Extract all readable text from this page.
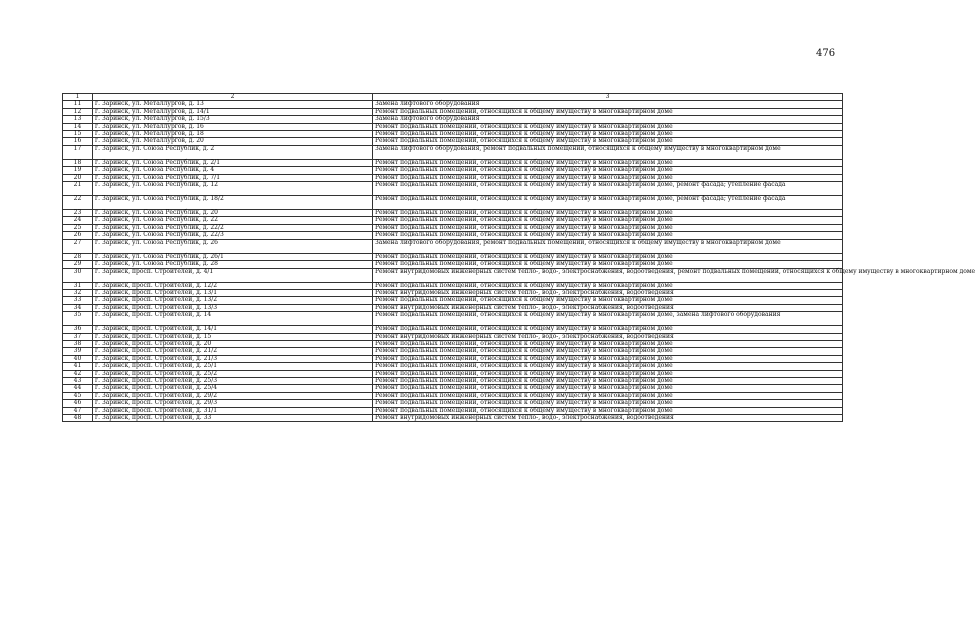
476
1	2	3
11	г. Заринск, ул. Металлургов, д. 13	Замена лифтового оборудования
12	г. Заринск, ул. Металлургов, д. 14/1	Ремонт подвальных помещений, относящихся к общему имуществу в многоквартирном доме
13	г. Заринск, ул. Металлургов, д. 15/3	Замена лифтового оборудования
14	г. Заринск, ул. Металлургов, д. 16	Ремонт подвальных помещений, относящихся к общему имуществу в многоквартирном доме
15	г. Заринск, ул. Металлургов, д. 18	Ремонт подвальных помещений, относящихся к общему имуществу в многоквартирном доме
16	г. Заринск, ул. Металлургов, д. 20	Ремонт подвальных помещений, относящихся к общему имуществу в многоквартирном доме
17	г. Заринск, ул. Союза Республик, д. 2	Замена лифтового оборудования, ремонт подвальных помещений, относящихся к общему имуществу в многоквартирном доме
18	г. Заринск, ул. Союза Республик, д. 2/1	Ремонт подвальных помещений, относящихся к общему имуществу в многоквартирном доме
19	г. Заринск, ул. Союза Республик, д. 4	Ремонт подвальных помещений, относящихся к общему имуществу в многоквартирном доме
20	г. Заринск, ул. Союза Республик, д. 7/1	Ремонт подвальных помещений, относящихся к общему имуществу в многоквартирном доме
21	г. Заринск, ул. Союза Республик, д. 12	Ремонт подвальных помещений, относящихся к общему имуществу в многоквартирном доме, ремонт фасада; утепление фасада
22	г. Заринск, ул. Союза Республик, д. 18/2	Ремонт подвальных помещений, относящихся к общему имуществу в многоквартирном доме, ремонт фасада; утепление фасада
23	г. Заринск, ул. Союза Республик, д. 20	Ремонт подвальных помещений, относящихся к общему имуществу в многоквартирном доме
24	г. Заринск, ул. Союза Республик, д. 22	Ремонт подвальных помещений, относящихся к общему имуществу в многоквартирном доме
25	г. Заринск, ул. Союза Республик, д. 22/2	Ремонт подвальных помещений, относящихся к общему имуществу в многоквартирном доме
26	г. Заринск, ул. Союза Республик, д. 22/3	Ремонт подвальных помещений, относящихся к общему имуществу в многоквартирном доме
27	г. Заринск, ул. Союза Республик, д. 26	Замена лифтового оборудования, ремонт подвальных помещений, относящихся к общему имуществу в многоквартирном доме
28	г. Заринск, ул. Союза Республик, д. 26/1	Ремонт подвальных помещений, относящихся к общему имуществу в многоквартирном доме
29	г. Заринск, ул. Союза Республик, д. 28	Ремонт подвальных помещений, относящихся к общему имуществу в многоквартирном доме
30	г. Заринск, просп. Строителей, д. 4/1	Ремонт внутридомовых инженерных систем тепло-, водо-, электроснабжения, водоотведения, ремонт подвальных помещений, относящихся к общему имуществу в многоквартирном доме
31	г. Заринск, просп. Строителей, д. 12/2	Ремонт подвальных помещений, относящихся к общему имуществу в многоквартирном доме
32	г. Заринск, просп. Строителей, д. 13/1	Ремонт внутридомовых инженерных систем тепло-, водо-, электроснабжения, водоотведения
33	г. Заринск, просп. Строителей, д. 13/2	Ремонт подвальных помещений, относящихся к общему имуществу в многоквартирном доме
34	г. Заринск, просп. Строителей, д. 13/3	Ремонт внутридомовых инженерных систем тепло-, водо-, электроснабжения, водоотведения
35	г. Заринск, просп. Строителей, д. 14	Ремонт подвальных помещений, относящихся к общему имуществу в многоквартирном доме, замена лифтового оборудования
36	г. Заринск, просп. Строителей, д. 14/1	Ремонт подвальных помещений, относящихся к общему имуществу в многоквартирном доме
37	г. Заринск, просп. Строителей, д. 15	Ремонт внутридомовых инженерных систем тепло-, водо-, электроснабжения, водоотведения
38	г. Заринск, просп. Строителей, д. 20	Ремонт подвальных помещений, относящихся к общему имуществу в многоквартирном доме
39	г. Заринск, просп. Строителей, д. 21/2	Ремонт подвальных помещений, относящихся к общему имуществу в многоквартирном доме
40	г. Заринск, просп. Строителей, д. 21/3	Ремонт подвальных помещений, относящихся к общему имуществу в многоквартирном доме
41	г. Заринск, просп. Строителей, д. 25/1	Ремонт подвальных помещений, относящихся к общему имуществу в многоквартирном доме
42	г. Заринск, просп. Строителей, д. 25/2	Ремонт подвальных помещений, относящихся к общему имуществу в многоквартирном доме
43	г. Заринск, просп. Строителей, д. 25/3	Ремонт подвальных помещений, относящихся к общему имуществу в многоквартирном доме
44	г. Заринск, просп. Строителей, д. 25/4	Ремонт подвальных помещений, относящихся к общему имуществу в многоквартирном доме
45	г. Заринск, просп. Строителей, д. 29/2	Ремонт подвальных помещений, относящихся к общему имуществу в многоквартирном доме
46	г. Заринск, просп. Строителей, д. 29/3	Ремонт подвальных помещений, относящихся к общему имуществу в многоквартирном доме
47	г. Заринск, просп. Строителей, д. 31/1	Ремонт подвальных помещений, относящихся к общему имуществу в многоквартирном доме
48	г. Заринск, просп. Строителей, д. 33	Ремонт внутридомовых инженерных систем тепло-, водо-, электроснабжения, водоотведения
